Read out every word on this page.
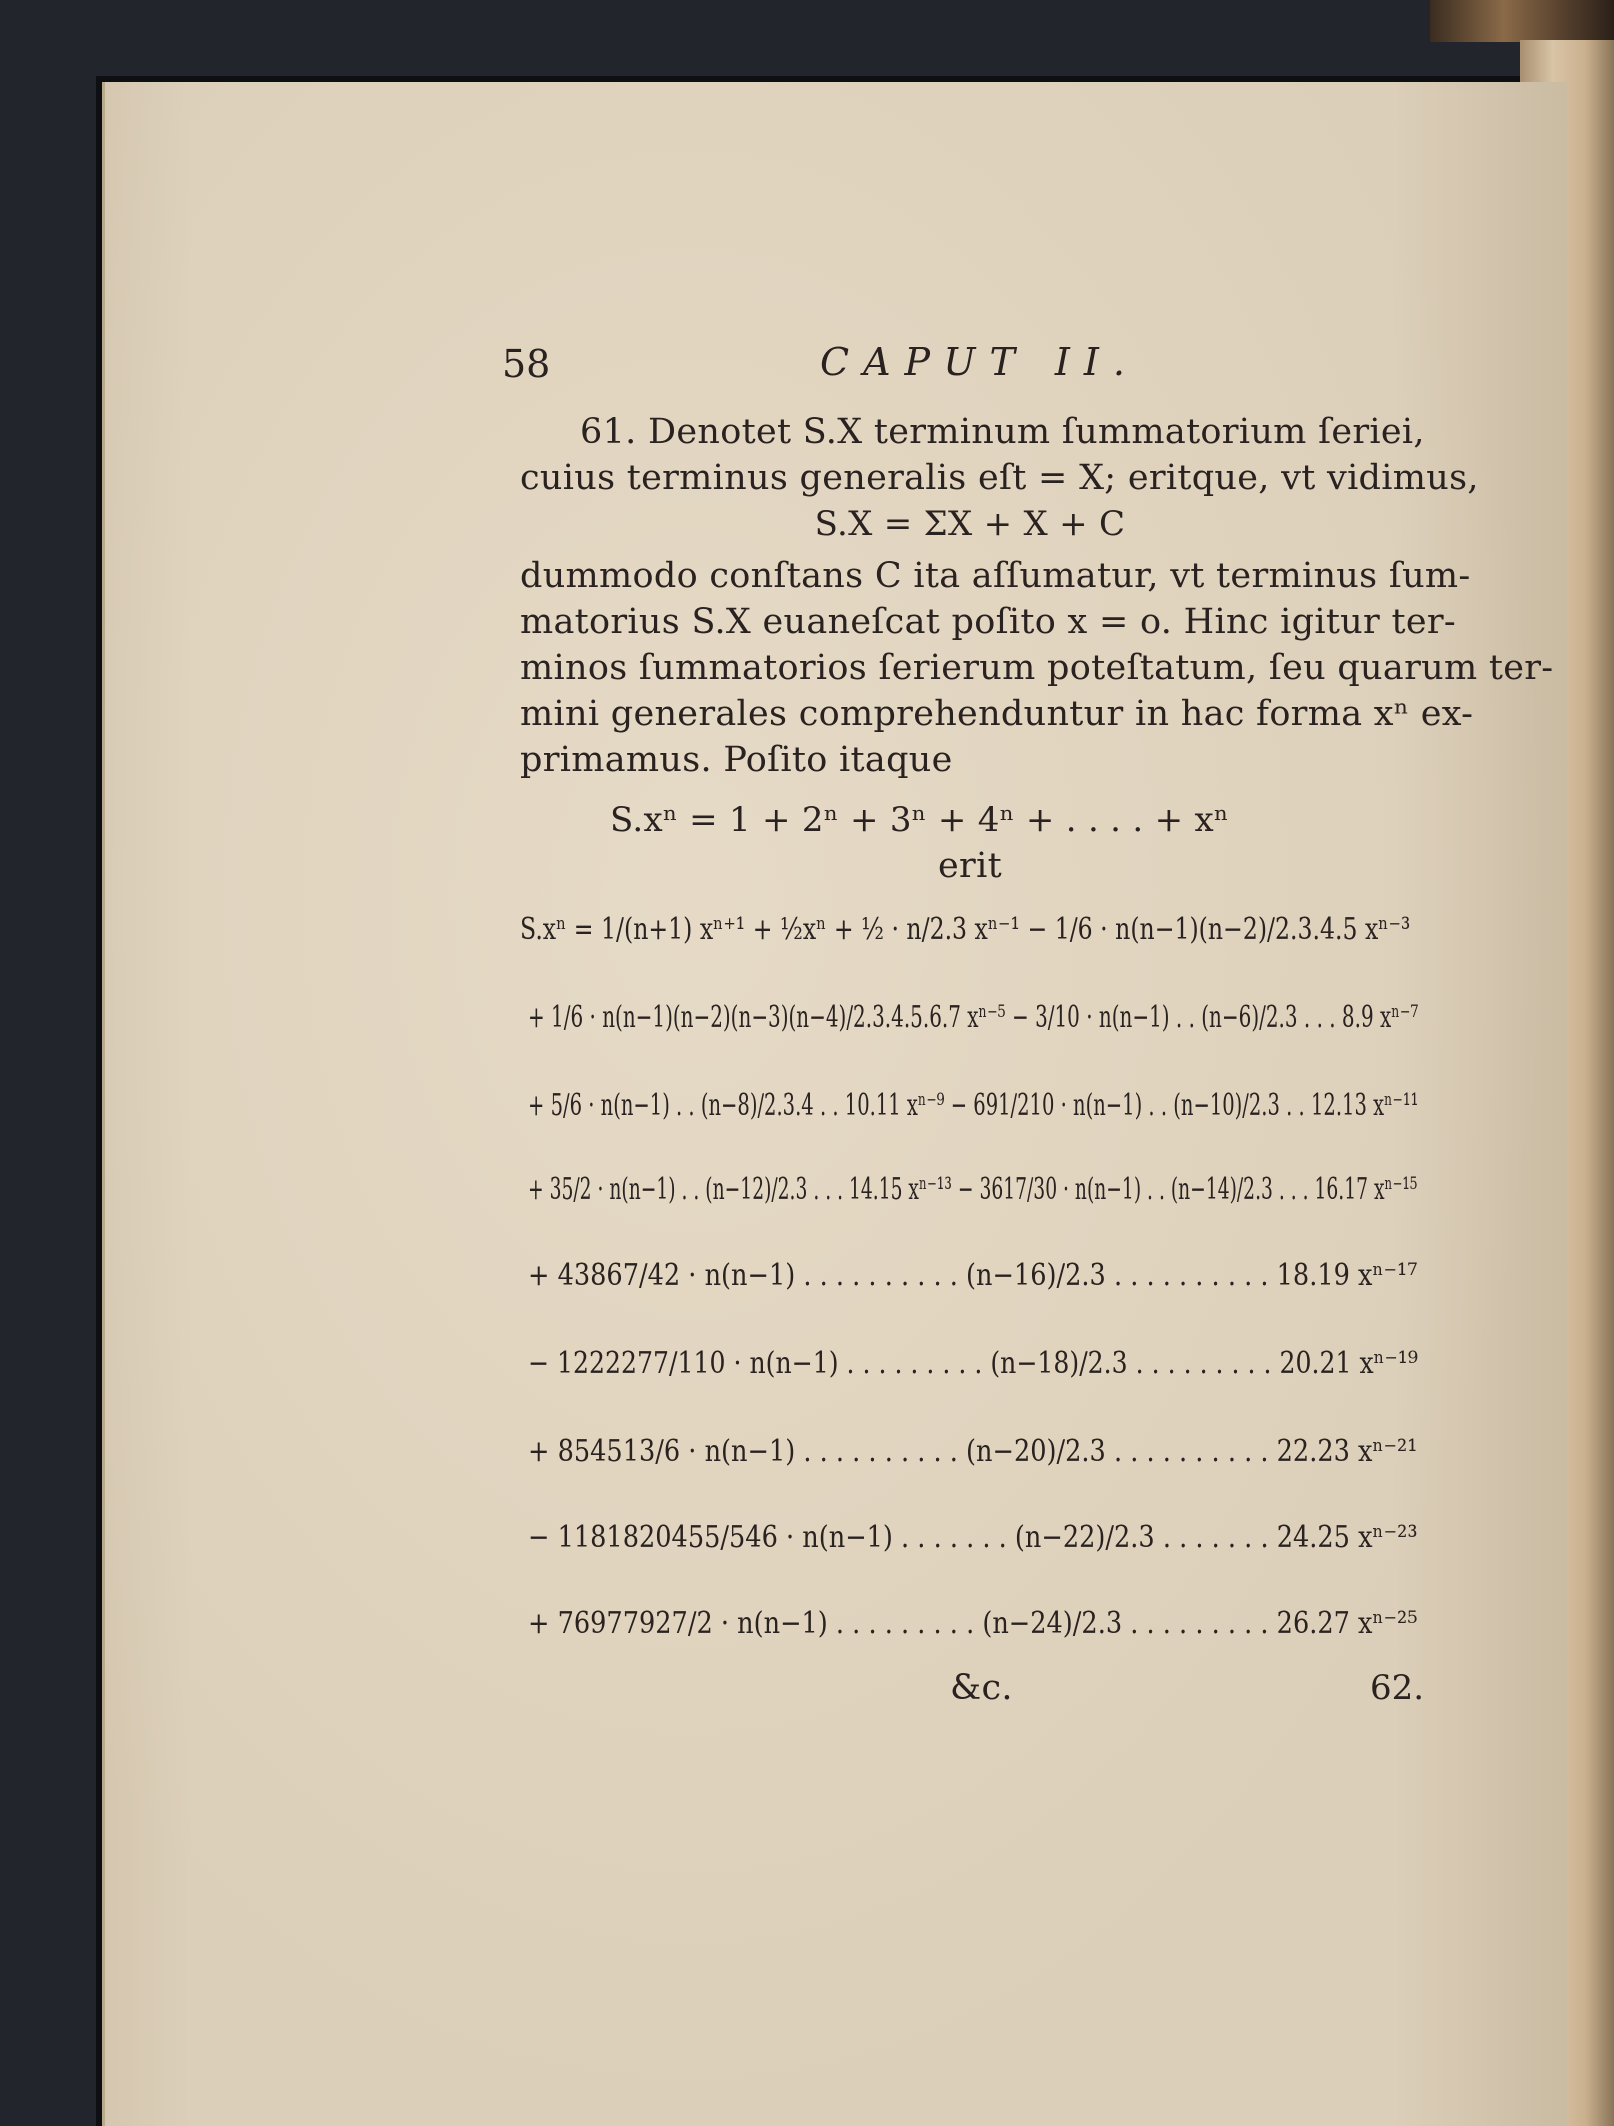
58	CAPUT II.
61. Denotet S.X terminum ſummatorium ſeriei,
cuius terminus generalis eſt = X; eritque, vt vidimus,
S.X = ΣX + X + C
dummodo conſtans C ita aſſumatur, vt terminus ſum-
matorius S.X euaneſcat poſito x = o. Hinc igitur ter-
minos ſummatorios ſerierum poteſtatum, ſeu quarum ter-
mini generales comprehenduntur in hac forma xⁿ ex-
primamus. Poſito itaque
S.xⁿ = 1 + 2ⁿ + 3ⁿ + 4ⁿ + . . . . + xⁿ
erit
S.xⁿ = 1/(n+1) xⁿ⁺¹ + ½xⁿ + ½ · n/2.3 xⁿ⁻¹ − 1/6 · n(n−1)(n−2)/2.3.4.5 xⁿ⁻³
+ 1/6 · n(n−1)(n−2)(n−3)(n−4)/2.3.4.5.6.7 xⁿ⁻⁵ − 3/10 · n(n−1) . . (n−6)/2.3 . . . 8.9 xⁿ⁻⁷
+ 5/6 · n(n−1) . . (n−8)/2.3.4 . . 10.11 xⁿ⁻⁹ − 691/210 · n(n−1) . . (n−10)/2.3 . . 12.13 xⁿ⁻¹¹
+ 35/2 · n(n−1) . . (n−12)/2.3 . . . 14.15 xⁿ⁻¹³ − 3617/30 · n(n−1) . . (n−14)/2.3 . . . 16.17 xⁿ⁻¹⁵
+ 43867/42 · n(n−1) . . . . . . . . . . (n−16)/2.3 . . . . . . . . . . 18.19 xⁿ⁻¹⁷
− 1222277/110 · n(n−1) . . . . . . . . . (n−18)/2.3 . . . . . . . . . 20.21 xⁿ⁻¹⁹
+ 854513/6 · n(n−1) . . . . . . . . . . (n−20)/2.3 . . . . . . . . . . 22.23 xⁿ⁻²¹
− 1181820455/546 · n(n−1) . . . . . . . (n−22)/2.3 . . . . . . . 24.25 xⁿ⁻²³
+ 76977927/2 · n(n−1) . . . . . . . . . (n−24)/2.3 . . . . . . . . . 26.27 xⁿ⁻²⁵
&c.	62.
